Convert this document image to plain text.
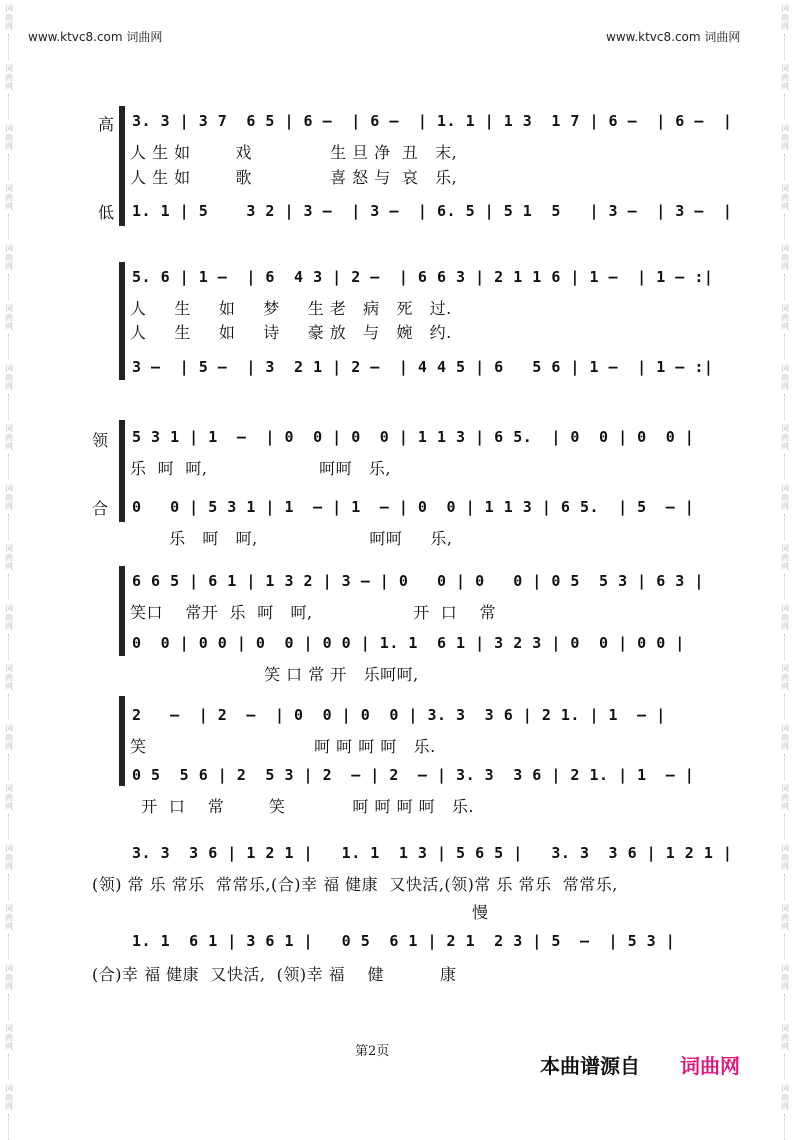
词
曲
网
词
曲
网
词
曲
网
词
曲
网
词
曲
网
词
曲
网
词
曲
网
词
曲
网
词
曲
网
词
曲
网
词
曲
网
词
曲
网
词
曲
网
词
曲
网
词
曲
网
词
曲
网
词
曲
网
词
曲
网
词
曲
网
词
曲
网
词
曲
网
词
曲
网
词
曲
网
词
曲
网
词
曲
网
词
曲
网
词
曲
网
词
曲
网
词
曲
网
词
曲
网
词
曲
网
词
曲
网
词
曲
网
词
曲
网
词
曲
网
词
曲
网
词
曲
网
词
曲
网
www.ktvc8.com 词曲网	www.ktvc8.com 词曲网
高
低
3. 3 | 3 7  6 5 | 6 –  | 6 –  | 1. 1 | 1 3  1 7 | 6 –  | 6 –  |
人 生 如        戏              生 旦 净  丑   末,
人 生 如        歌              喜 怒 与  哀   乐,
1. 1 | 5    3 2 | 3 –  | 3 –  | 6. 5 | 5 1  5   | 3 –  | 3 –  |
5. 6 | 1 –  | 6  4 3 | 2 –  | 6 6 3 | 2 1 1 6 | 1 –  | 1 – :|
人     生     如     梦     生 老   病   死   过.
人     生     如     诗     豪 放   与   婉   约.
3 –  | 5 –  | 3  2 1 | 2 –  | 4 4 5 | 6   5 6 | 1 –  | 1 – :|
领
合
5 3 1 | 1  –  | 0  0 | 0  0 | 1 1 3 | 6 5.  | 0  0 | 0  0 |
乐  呵  呵,                    呵呵   乐,
0   0 | 5 3 1 | 1  – | 1  – | 0  0 | 1 1 3 | 6 5.  | 5  – |
乐   呵   呵,                    呵呵     乐,
6 6 5 | 6 1 | 1 3 2 | 3 – | 0   0 | 0   0 | 0 5  5 3 | 6 3 |
笑口    常开  乐  呵   呵,                  开  口    常
0  0 | 0 0 | 0  0 | 0 0 | 1. 1  6 1 | 3 2 3 | 0  0 | 0 0 |
笑 口 常 开   乐呵呵,
2   –  | 2  –  | 0  0 | 0  0 | 3. 3  3 6 | 2 1. | 1  – |
笑                              呵 呵 呵 呵   乐.
0 5  5 6 | 2  5 3 | 2  – | 2  – | 3. 3  3 6 | 2 1. | 1  – |
开  口    常        笑            呵 呵 呵 呵   乐.
3. 3  3 6 | 1 2 1 |   1. 1  1 3 | 5 6 5 |   3. 3  3 6 | 1 2 1 |
(领) 常 乐 常乐  常常乐,(合)幸 福 健康  又快活,(领)常 乐 常乐  常常乐,
慢
1. 1  6 1 | 3 6 1 |   0 5  6 1 | 2 1  2 3 | 5  –  | 5 3 |
(合)幸 福 健康  又快活,  (领)幸 福    健          康
第2页
本曲谱源自 词曲网
